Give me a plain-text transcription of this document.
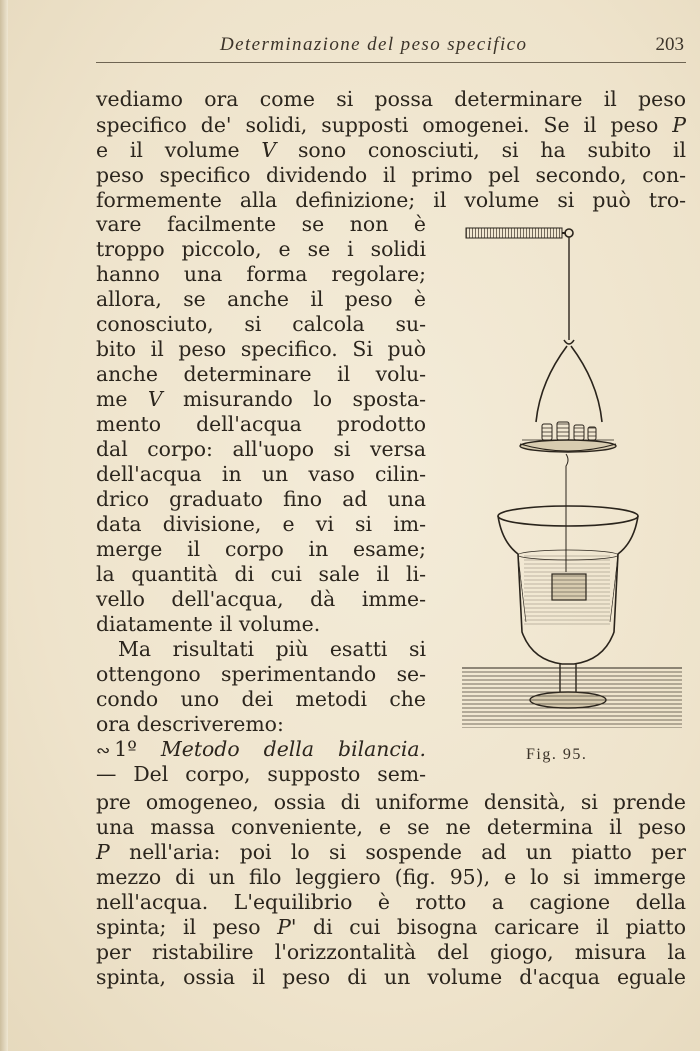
Determinazione del peso specifico	203
vediamo ora come si possa determinare il peso
specifico de' solidi, supposti omogenei. Se il peso P
e il volume V sono conosciuti, si ha subito il
peso specifico dividendo il primo pel secondo, con-
formemente alla definizione; il volume si può tro-
vare facilmente se non è
troppo piccolo, e se i solidi
hanno una forma regolare;
allora, se anche il peso è
conosciuto, si calcola su-
bito il peso specifico. Si può
anche determinare il volu-
me V misurando lo sposta-
mento dell'acqua prodotto
dal corpo: all'uopo si versa
dell'acqua in un vaso cilin-
drico graduato fino ad una
data divisione, e vi si im-
merge il corpo in esame;
la quantità di cui sale il li-
vello dell'acqua, dà imme-
diatamente il volume.
Ma risultati più esatti si
ottengono sperimentando se-
condo uno dei metodi che
ora descriveremo:
∾ 1º Metodo della bilancia.
— Del corpo, supposto sem-
pre omogeneo, ossia di uniforme densità, si prende
una massa conveniente, e se ne determina il peso
P nell'aria: poi lo si sospende ad un piatto per
mezzo di un filo leggiero (fig. 95), e lo si immerge
nell'acqua. L'equilibrio è rotto a cagione della
spinta; il peso P' di cui bisogna caricare il piatto
per ristabilire l'orizzontalità del giogo, misura la
spinta, ossia il peso di un volume d'acqua eguale
Fig. 95.
